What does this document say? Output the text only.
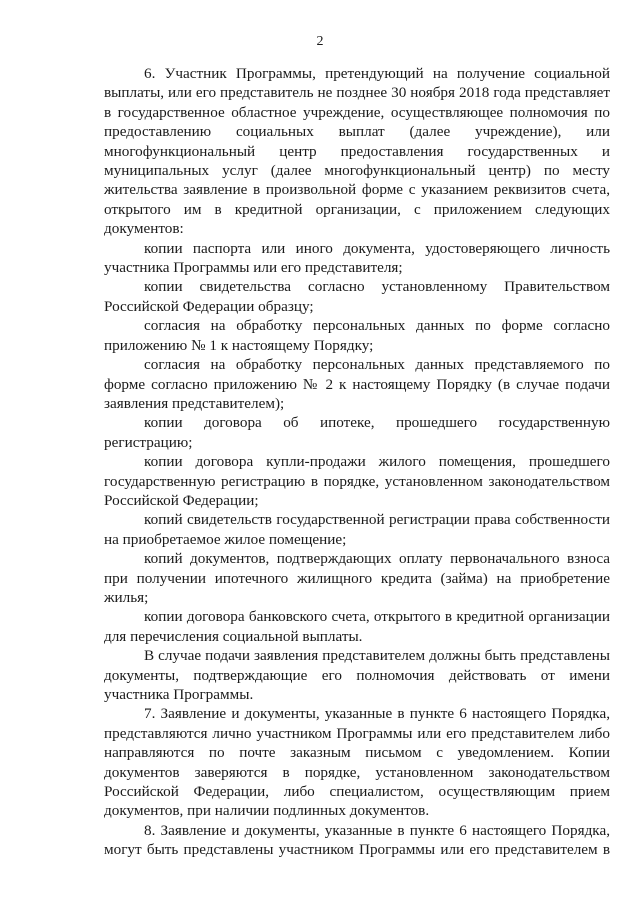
2

6. Участник Программы, претендующий на получение социальной выплаты, или его представитель не позднее 30 ноября 2018 года представляет в государственное областное учреждение, осуществляющее полномочия по предоставлению социальных выплат (далее учреждение), или многофункциональный центр предоставления государственных и муниципальных услуг (далее многофункциональный центр) по месту жительства заявление в произвольной форме с указанием реквизитов счета, открытого им в кредитной организации, с приложением следующих документов:

копии паспорта или иного документа, удостоверяющего личность участника Программы или его представителя;

копии свидетельства согласно установленному Правительством Российской Федерации образцу;

согласия на обработку персональных данных по форме согласно приложению № 1 к настоящему Порядку;

согласия на обработку персональных данных представляемого по форме согласно приложению № 2 к настоящему Порядку (в случае подачи заявления представителем);

копии договора об ипотеке, прошедшего государственную регистрацию;

копии договора купли-продажи жилого помещения, прошедшего государственную регистрацию в порядке, установленном законодательством Российской Федерации;

копий свидетельств государственной регистрации права собственности на приобретаемое жилое помещение;

копий документов, подтверждающих оплату первоначального взноса при получении ипотечного жилищного кредита (займа) на приобретение жилья;

копии договора банковского счета, открытого в кредитной организации для перечисления социальной выплаты.

В случае подачи заявления представителем должны быть представлены документы, подтверждающие его полномочия действовать от имени участника Программы.

7. Заявление и документы, указанные в пункте 6 настоящего Порядка, представляются лично участником Программы или его представителем либо направляются по почте заказным письмом с уведомлением. Копии документов заверяются в порядке, установленном законодательством Российской Федерации, либо специалистом, осуществляющим прием документов, при наличии подлинных документов.

8. Заявление и документы, указанные в пункте 6 настоящего Порядка, могут быть представлены участником Программы или его представителем в
